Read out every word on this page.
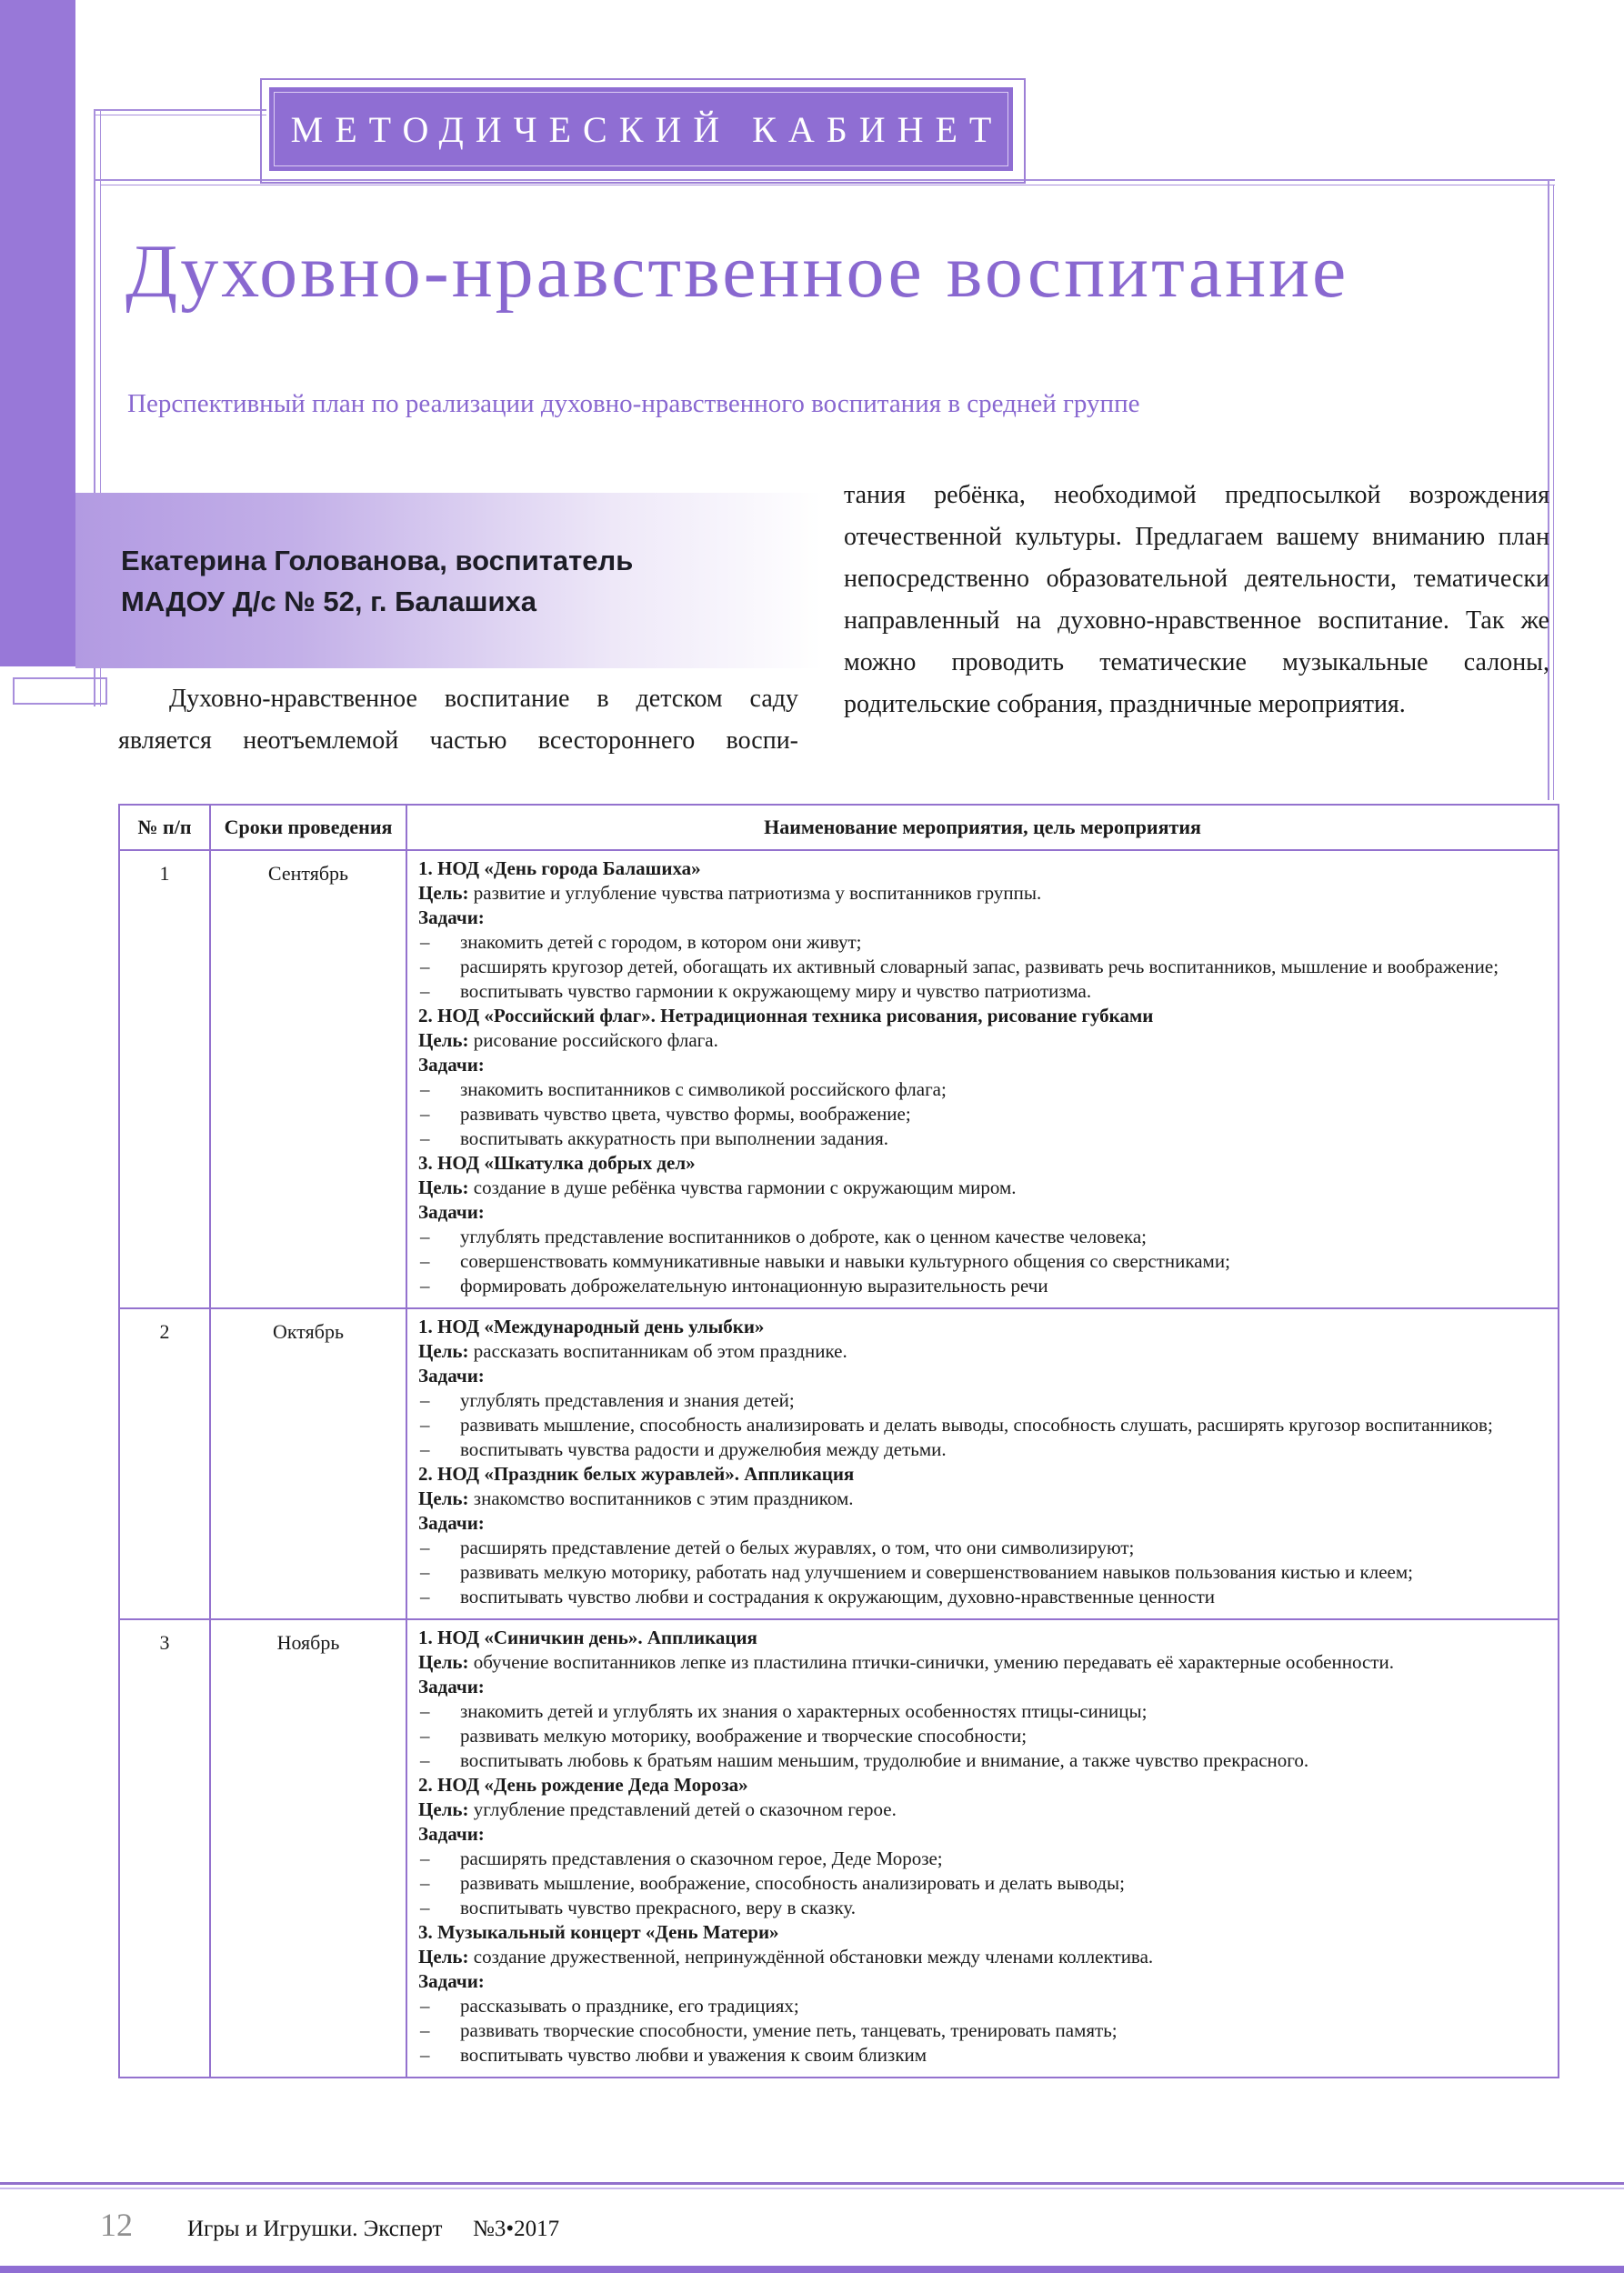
МЕТОДИЧЕСКИЙ КАБИНЕТ
Духовно-нравственное воспитание
Перспективный план по реализации духовно-нравственного воспитания в средней группе
Екатерина Голованова, воспитатель
МАДОУ Д/с № 52, г. Балашиха
Духовно-нравственное воспитание в детском саду является неотъемлемой частью всестороннего воспи-
тания ребёнка, необходимой предпосылкой возрождения отечественной культуры. Предлагаем вашему вниманию план непосредственно образовательной деятельности, тематически направленный на духовно-нравственное воспитание. Так же можно проводить тематические музыкальные салоны, родительские собрания, праздничные мероприятия.
№ п/п	Сроки проведения	Наименование мероприятия, цель мероприятия
1	Сентябрь	1. НОД «День города Балашиха»

Цель: развитие и углубление чувства патриотизма у воспитанников группы.

Задачи:

–	знакомить детей с городом, в котором они живут;
–	расширять кругозор детей, обогащать их активный словарный запас, развивать речь воспитанников, мышление и воображение;
–	воспитывать чувство гармонии к окружающему миру и чувство патриотизма.

2. НОД «Российский флаг». Нетрадиционная техника рисования, рисование губками

Цель: рисование российского флага.

Задачи:

–	знакомить воспитанников с символикой российского флага;
–	развивать чувство цвета, чувство формы, воображение;
–	воспитывать аккуратность при выполнении задания.

3. НОД «Шкатулка добрых дел»

Цель: создание в душе ребёнка чувства гармонии с окружающим миром.

Задачи:

–	углублять представление воспитанников о доброте, как о ценном качестве человека;
–	совершенствовать коммуникативные навыки и навыки культурного общения со сверстниками;
–	формировать доброжелательную интонационную выразительность речи
2	Октябрь	1. НОД «Международный день улыбки»

Цель: рассказать воспитанникам об этом празднике.

Задачи:

–	углублять представления и знания детей;
–	развивать мышление, способность анализировать и делать выводы, способность слушать, расширять кругозор воспитанников;
–	воспитывать чувства радости и дружелюбия между детьми.

2. НОД «Праздник белых журавлей». Аппликация

Цель: знакомство воспитанников с этим праздником.

Задачи:

–	расширять представление детей о белых журавлях, о том, что они символизируют;
–	развивать мелкую моторику, работать над улучшением и совершенствованием навыков пользования кистью и клеем;
–	воспитывать чувство любви и сострадания к окружающим, духовно-нравственные ценности
3	Ноябрь	1. НОД «Синичкин день». Аппликация

Цель: обучение воспитанников лепке из пластилина птички-синички, умению передавать её характерные особенности.

Задачи:

–	знакомить детей и углублять их знания о характерных особенностях птицы-синицы;
–	развивать мелкую моторику, воображение и творческие способности;
–	воспитывать любовь к братьям нашим меньшим, трудолюбие и внимание, а также чувство прекрасного.

2. НОД «День рождение Деда Мороза»

Цель: углубление представлений детей о сказочном герое.

Задачи:

–	расширять представления о сказочном герое, Деде Морозе;
–	развивать мышление, воображение, способность анализировать и делать выводы;
–	воспитывать чувство прекрасного, веру в сказку.

3. Музыкальный концерт «День Матери»

Цель: создание дружественной, непринуждённой обстановки между членами коллектива.

Задачи:

–	рассказывать о празднике, его традициях;
–	развивать творческие способности, умение петь, танцевать, тренировать память;
–	воспитывать чувство любви и уважения к своим близким
12 Игры и Игрушки. Эксперт №3•2017
